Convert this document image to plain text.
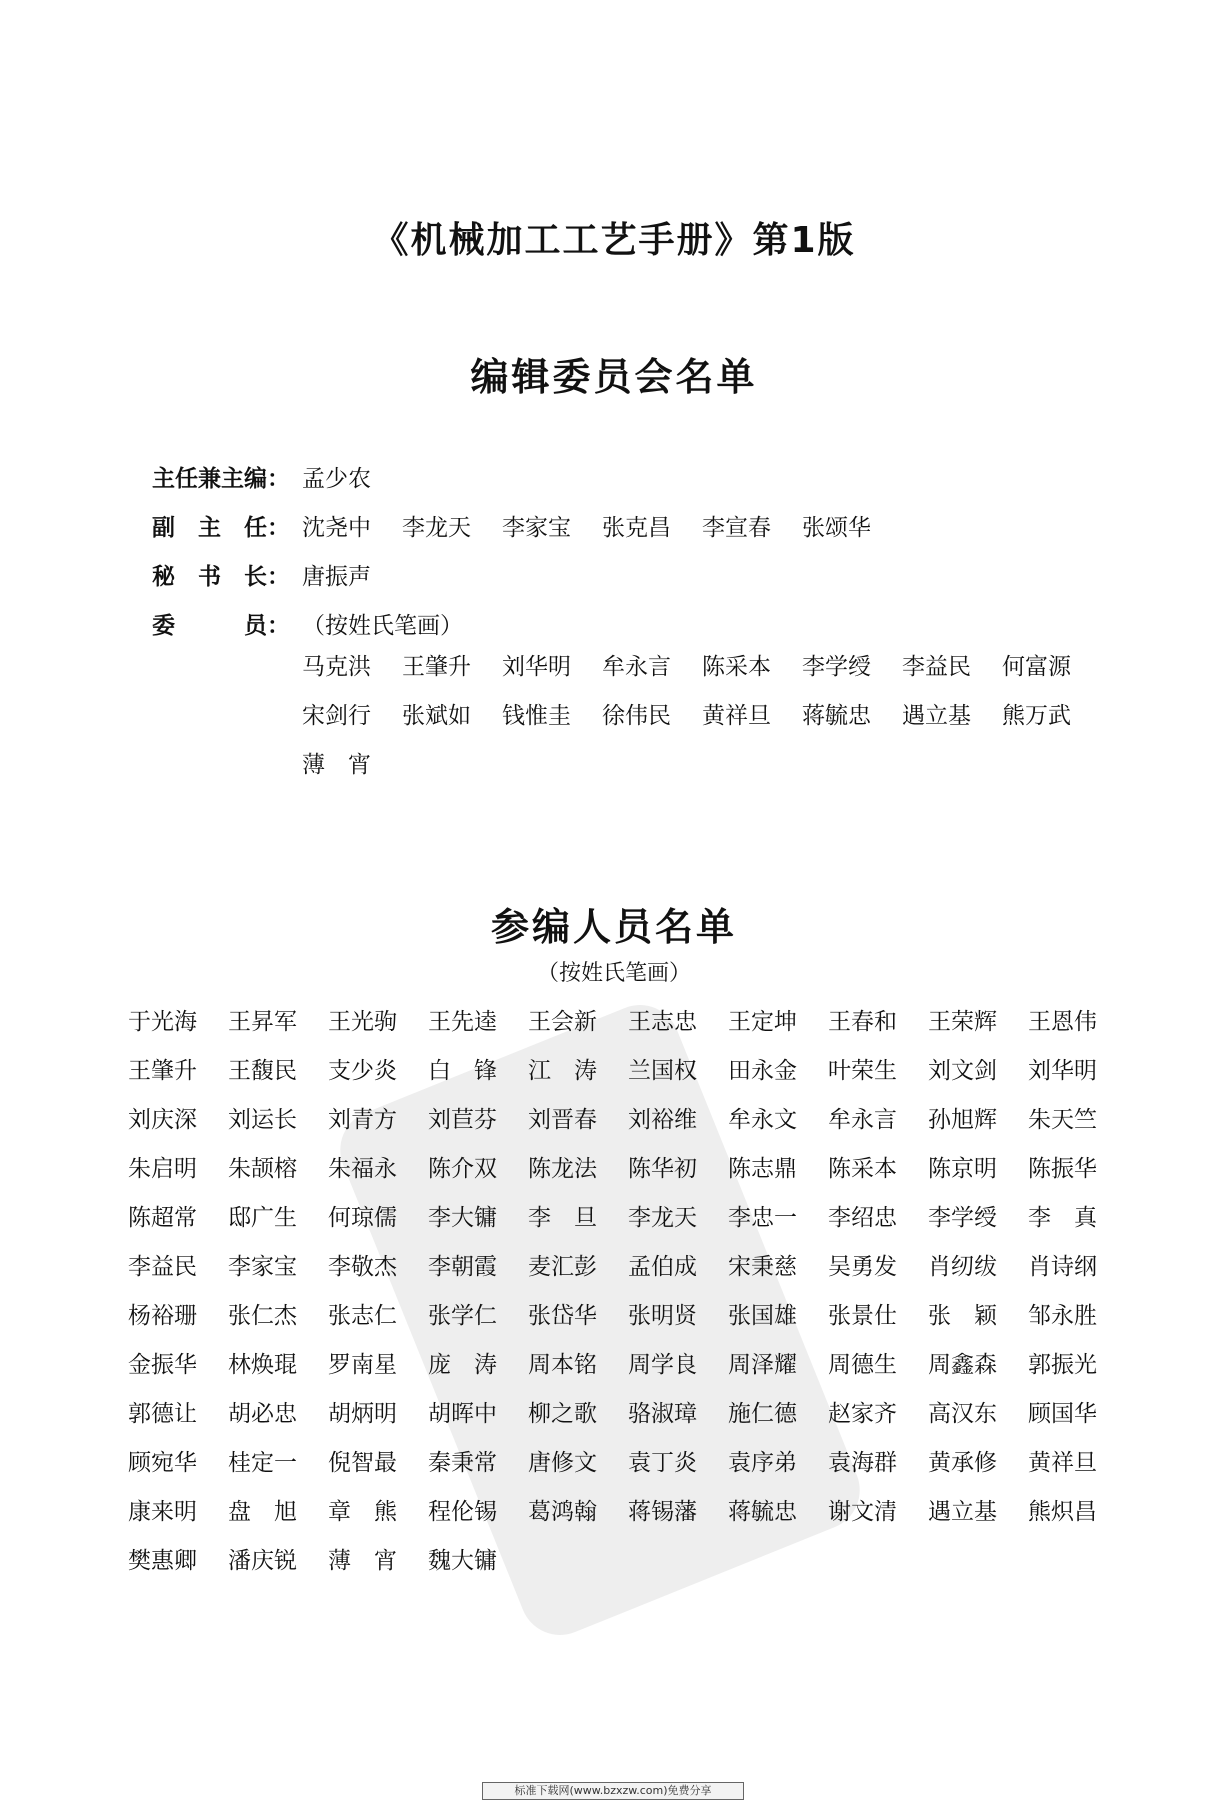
《机械加工工艺手册》第1版
编辑委员会名单
主任兼主编： 孟少农
副　主　任： 沈尧中	李龙天	李家宝	张克昌	李宣春	张颂华
秘　书　长： 唐振声
委　　　员： （按姓氏笔画）
马克洪	王肇升	刘华明	牟永言	陈采本	李学绶	李益民	何富源
宋剑行	张斌如	钱惟圭	徐伟民	黄祥旦	蒋毓忠	遇立基	熊万武
薄　宵
参编人员名单
（按姓氏笔画）
于光海	王昇军	王光驹	王先逵	王会新	王志忠	王定坤	王春和	王荣辉	王恩伟
王肇升	王馥民	支少炎	白　锋	江　涛	兰国权	田永金	叶荣生	刘文剑	刘华明
刘庆深	刘运长	刘青方	刘苣芬	刘晋春	刘裕维	牟永文	牟永言	孙旭辉	朱天竺
朱启明	朱颉榕	朱福永	陈介双	陈龙法	陈华初	陈志鼎	陈采本	陈京明	陈振华
陈超常	邸广生	何琼儒	李大镛	李　旦	李龙天	李忠一	李绍忠	李学绶	李　真
李益民	李家宝	李敬杰	李朝霞	麦汇彭	孟伯成	宋秉慈	吴勇发	肖纫绂	肖诗纲
杨裕珊	张仁杰	张志仁	张学仁	张岱华	张明贤	张国雄	张景仕	张　颖	邹永胜
金振华	林焕琨	罗南星	庞　涛	周本铭	周学良	周泽耀	周德生	周鑫森	郭振光
郭德让	胡必忠	胡炳明	胡晖中	柳之歌	骆淑璋	施仁德	赵家齐	高汉东	顾国华
顾宛华	桂定一	倪智最	秦秉常	唐修文	袁丁炎	袁序弟	袁海群	黄承修	黄祥旦
康来明	盘　旭	章　熊	程伦锡	葛鸿翰	蒋锡藩	蒋毓忠	谢文清	遇立基	熊炽昌
樊惠卿	潘庆锐	薄　宵	魏大镛
标准下载网(www.bzxzw.com)免费分享
